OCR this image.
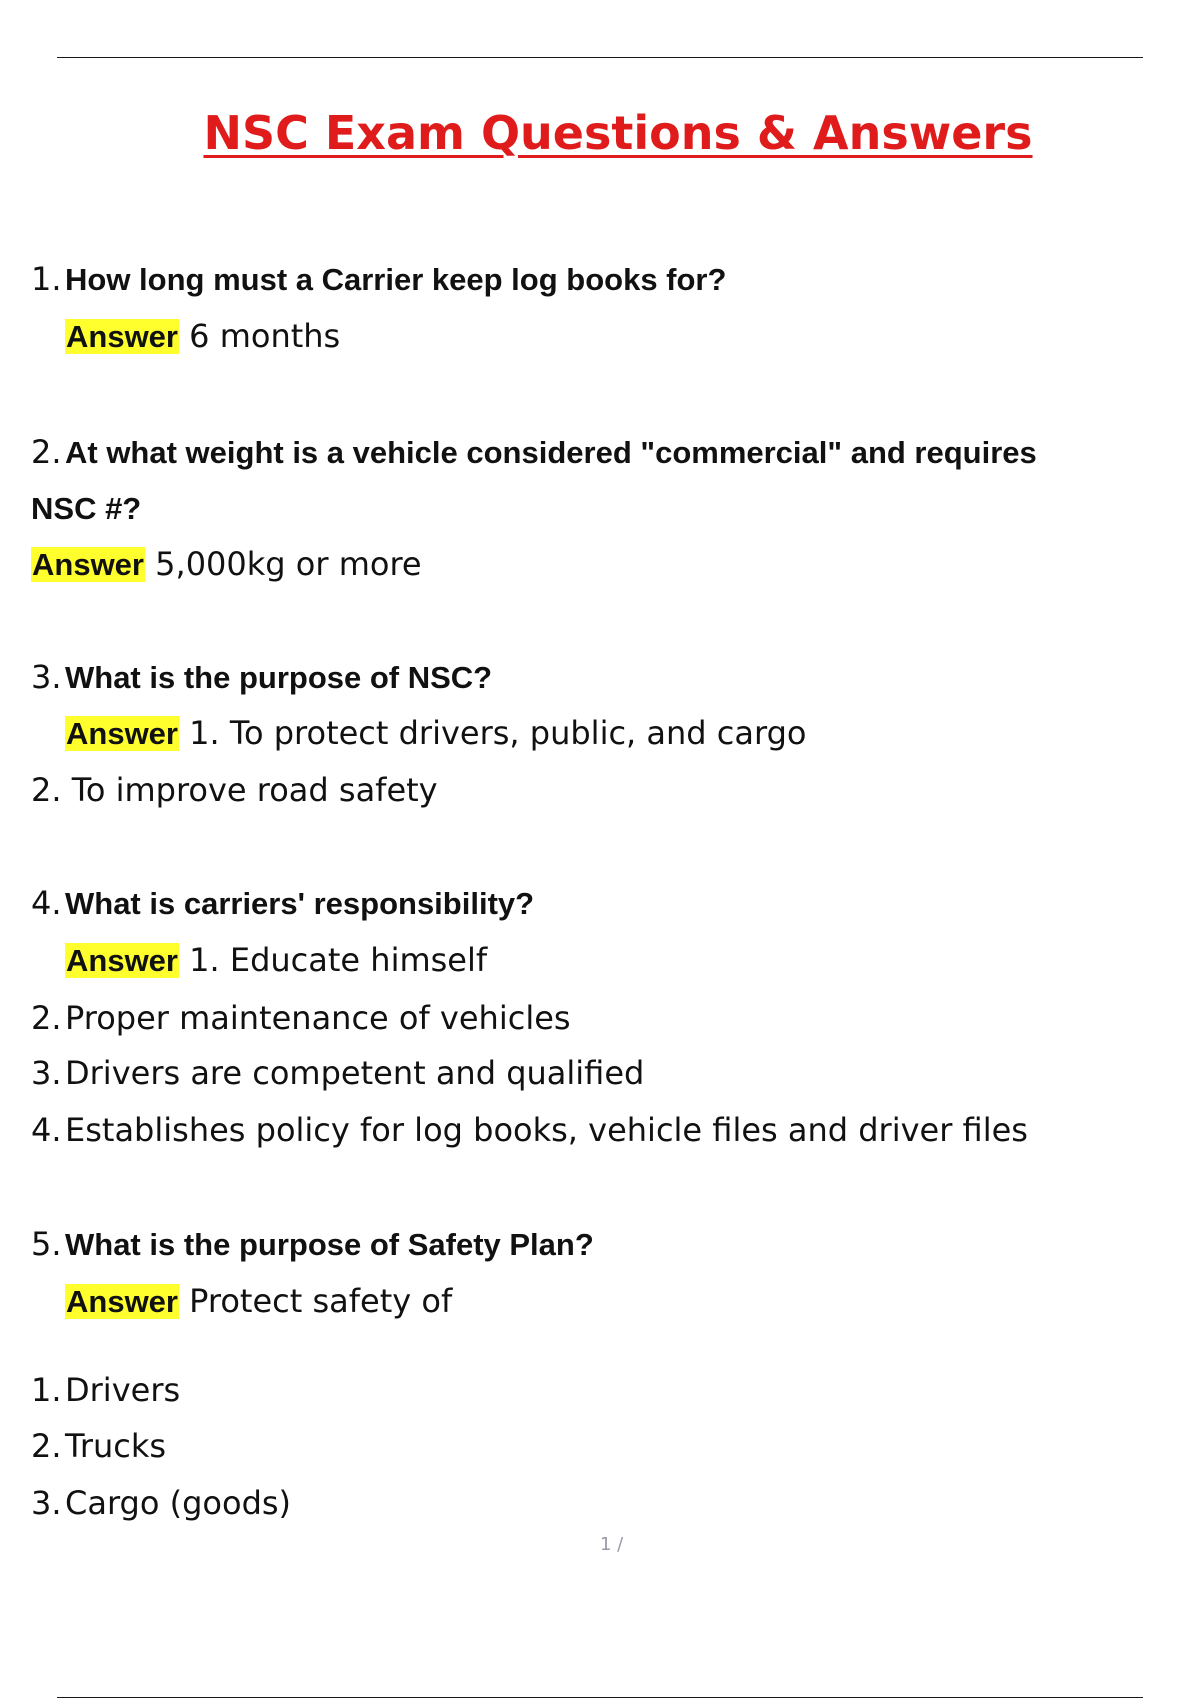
NSC Exam Questions & Answers
1. How long must a Carrier keep log books for?
Answer 6 months
2. At what weight is a vehicle considered "commercial" and requires
NSC #?
Answer 5,000kg or more
3. What is the purpose of NSC?
Answer 1. To protect drivers, public, and cargo
2. To improve road safety
4. What is carriers' responsibility?
Answer 1. Educate himself
2. Proper maintenance of vehicles
3. Drivers are competent and qualified
4. Establishes policy for log books, vehicle files and driver files
5. What is the purpose of Safety Plan?
Answer Protect safety of
1. Drivers
2. Trucks
3. Cargo (goods)
1 /
